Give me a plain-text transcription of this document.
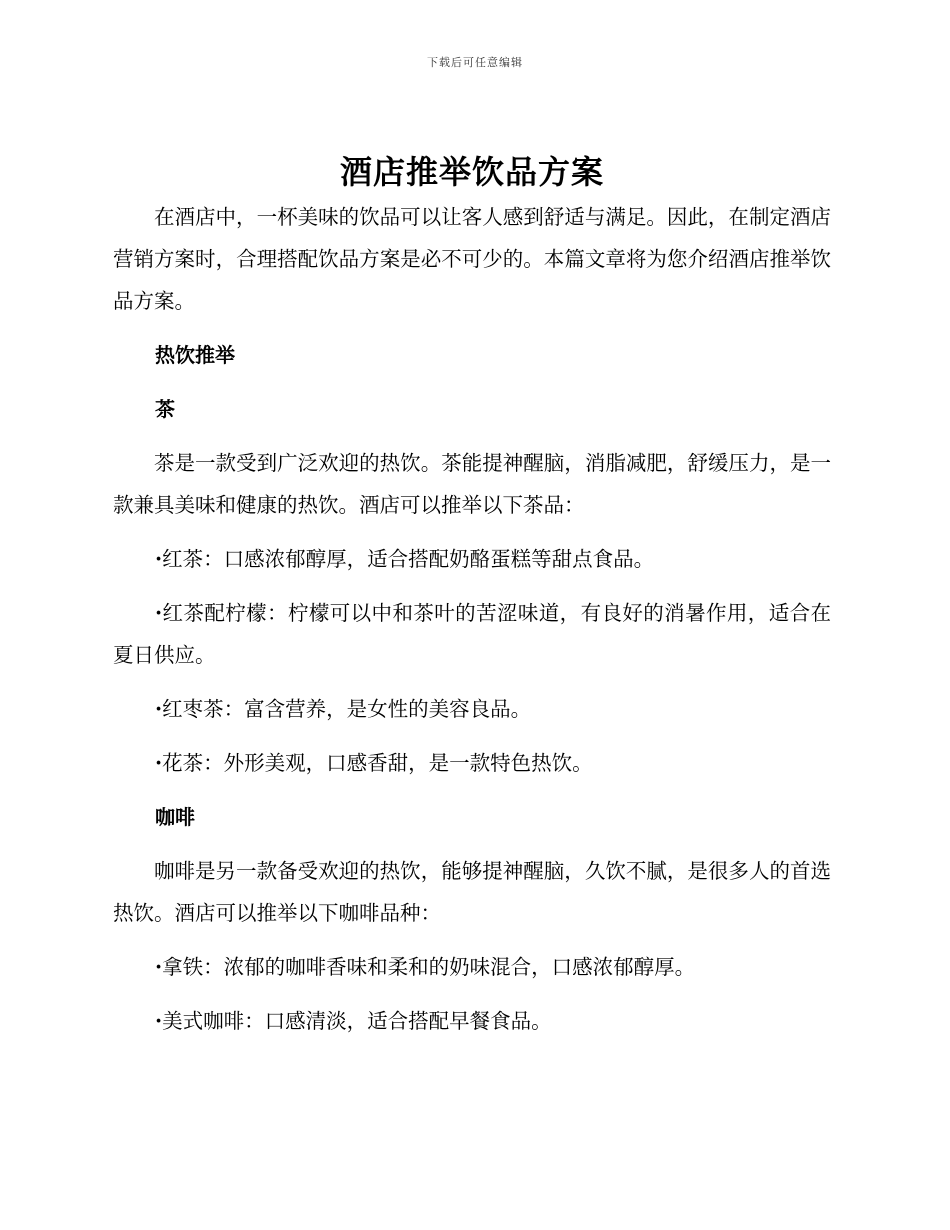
下载后可任意编辑
酒店推举饮品方案

在酒店中，一杯美味的饮品可以让客人感到舒适与满足。因此，在制定酒店营销方案时，合理搭配饮品方案是必不可少的。本篇文章将为您介绍酒店推举饮品方案。

热饮推举
茶

茶是一款受到广泛欢迎的热饮。茶能提神醒脑，消脂减肥，舒缓压力，是一款兼具美味和健康的热饮。酒店可以推举以下茶品：

·红茶：口感浓郁醇厚，适合搭配奶酪蛋糕等甜点食品。

·红茶配柠檬：柠檬可以中和茶叶的苦涩味道，有良好的消暑作用，适合在夏日供应。

·红枣茶：富含营养，是女性的美容良品。

·花茶：外形美观，口感香甜，是一款特色热饮。

咖啡

咖啡是另一款备受欢迎的热饮，能够提神醒脑，久饮不腻，是很多人的首选热饮。酒店可以推举以下咖啡品种：

·拿铁：浓郁的咖啡香味和柔和的奶味混合，口感浓郁醇厚。

·美式咖啡：口感清淡，适合搭配早餐食品。
